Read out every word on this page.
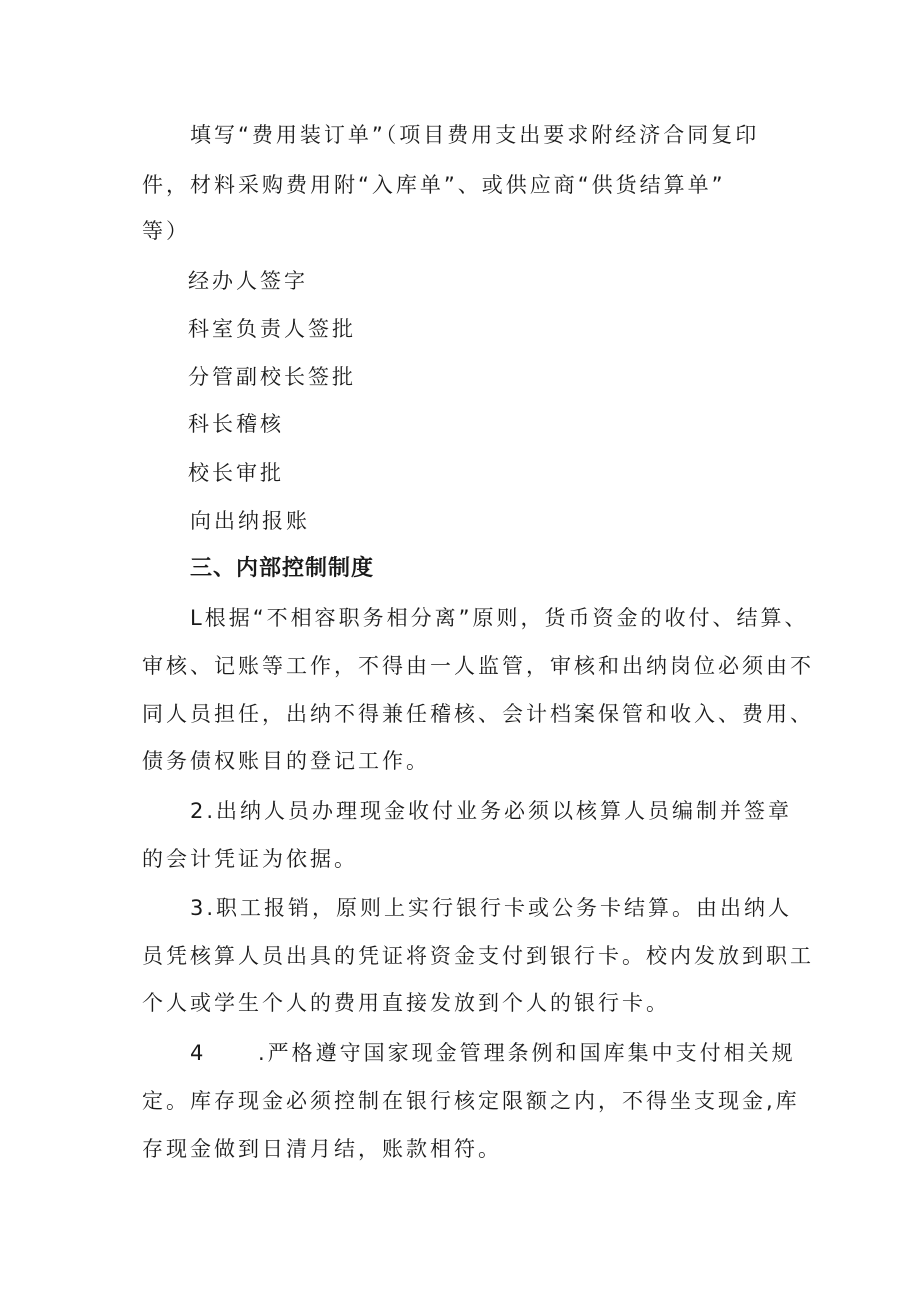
填写“费用装订单”（项目费用支出要求附经济合同复印
件，材料采购费用附“入库单”、或供应商“供货结算单”
等）
经办人签字
科室负责人签批
分管副校长签批
科长稽核
校长审批
向出纳报账
三、内部控制制度
L根据“不相容职务相分离”原则，货币资金的收付、结算、
审核、记账等工作，不得由一人监管，审核和出纳岗位必须由不
同人员担任，出纳不得兼任稽核、会计档案保管和收入、费用、
债务债权账目的登记工作。
2.出纳人员办理现金收付业务必须以核算人员编制并签章
的会计凭证为依据。
3.职工报销，原则上实行银行卡或公务卡结算。由出纳人
员凭核算人员出具的凭证将资金支付到银行卡。校内发放到职工
个人或学生个人的费用直接发放到个人的银行卡。
4 .严格遵守国家现金管理条例和国库集中支付相关规
定。库存现金必须控制在银行核定限额之内，不得坐支现金,库
存现金做到日清月结，账款相符。
